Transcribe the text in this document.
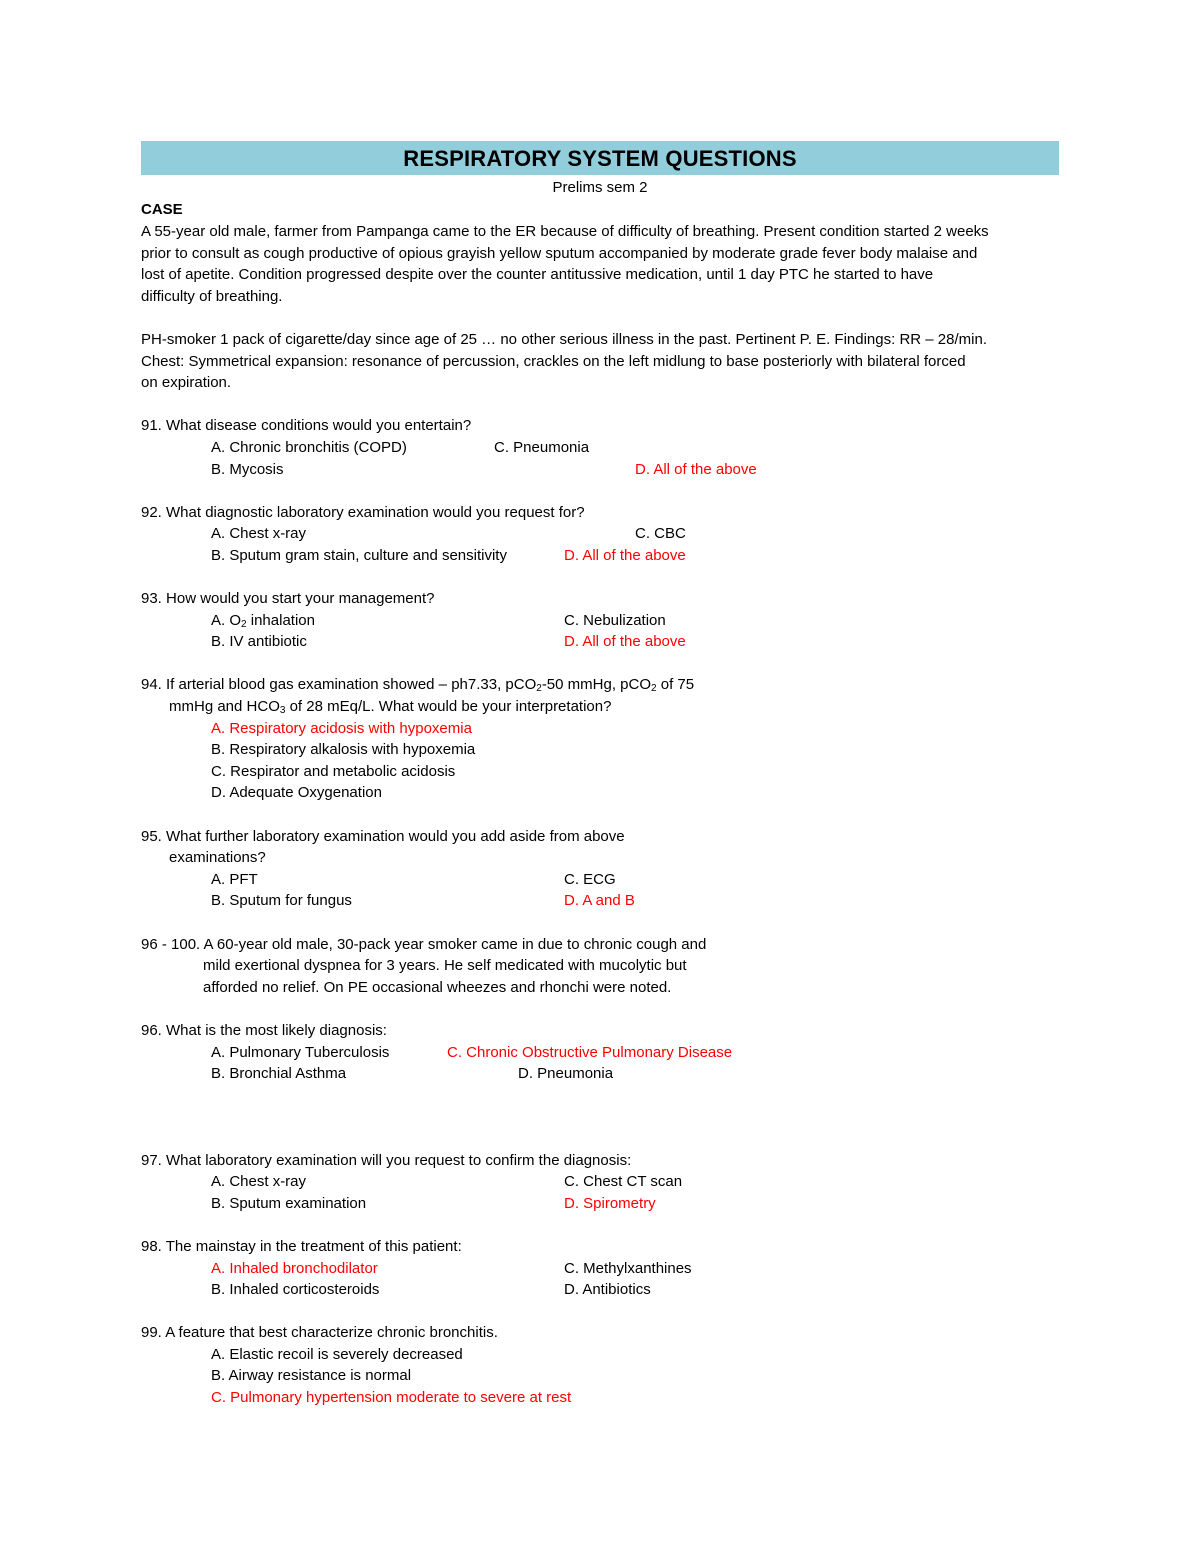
RESPIRATORY SYSTEM QUESTIONS
Prelims sem 2
CASE
A 55-year old male, farmer from Pampanga came to the ER because of difficulty of breathing. Present condition started 2 weeks
prior to consult as cough productive of opious grayish yellow sputum accompanied by moderate grade fever body malaise and
lost of apetite. Condition progressed despite over the counter antitussive medication, until 1 day PTC he started to have
difficulty of breathing.
PH-smoker 1 pack of cigarette/day since age of 25 … no other serious illness in the past. Pertinent P. E. Findings: RR – 28/min.
Chest: Symmetrical expansion: resonance of percussion, crackles on the left midlung to base posteriorly with bilateral forced
on expiration.
91. What disease conditions would you entertain?
A. Chronic bronchitis (COPD)	C. Pneumonia
B. Mycosis	D. All of the above
92. What diagnostic laboratory examination would you request for?
A. Chest x-ray	C. CBC
B. Sputum gram stain, culture and sensitivity	D. All of the above
93. How would you start your management?
A. $O_2$ inhalation	C. Nebulization
B. IV antibiotic	D. All of the above
94. If arterial blood gas examination showed – ph7.33, pCO$_2$-50 mmHg, pCO$_2$ of 75
mmHg and $HCO_3$ of 28 mEq/L. What would be your interpretation?
A. Respiratory acidosis with hypoxemia
B. Respiratory alkalosis with hypoxemia
C. Respirator and metabolic acidosis
D. Adequate Oxygenation
95. What further laboratory examination would you add aside from above
examinations?
A. PFT	C. ECG
B. Sputum for fungus	D. A and B
96 - 100. A 60-year old male, 30-pack year smoker came in due to chronic cough and
mild exertional dyspnea for 3 years. He self medicated with mucolytic but
afforded no relief. On PE occasional wheezes and rhonchi were noted.
96. What is the most likely diagnosis:
A. Pulmonary Tuberculosis	C. Chronic Obstructive Pulmonary Disease
B. Bronchial Asthma	D. Pneumonia
97. What laboratory examination will you request to confirm the diagnosis:
A. Chest x-ray	C. Chest CT scan
B. Sputum examination	D. Spirometry
98. The mainstay in the treatment of this patient:
A. Inhaled bronchodilator	C. Methylxanthines
B. Inhaled corticosteroids	D. Antibiotics
99. A feature that best characterize chronic bronchitis.
A. Elastic recoil is severely decreased
B. Airway resistance is normal
C. Pulmonary hypertension moderate to severe at rest
